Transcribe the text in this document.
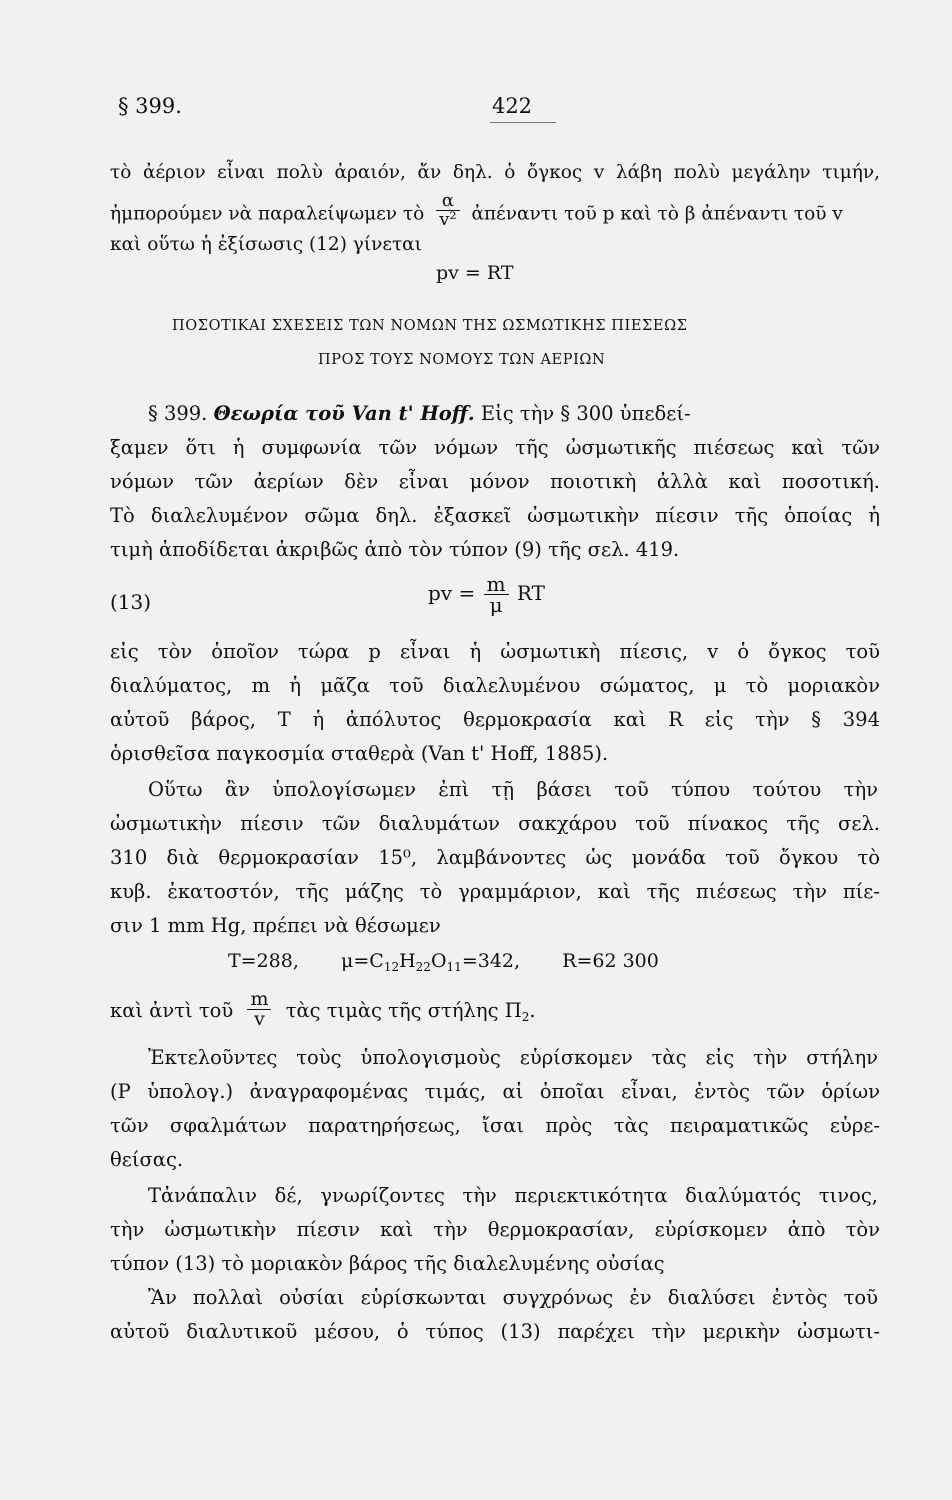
§ 399.	422
τὸ ἀέριον εἶναι πολὺ ἀραιόν, ἄν δηλ. ὁ ὄγκος v λάβη πολὺ μεγάλην τιμήν,
ἠμπορούμεν νὰ παραλείψωμεν τὸ $\frac{\alpha}{\text{v²}}$ ἀπέναντι τοῦ p καὶ τὸ β ἀπέναντι τοῦ v
καὶ οὕτω ἡ ἐξίσωσις (12) γίνεται
pv = RT
ΠΟΣΟΤΙΚΑΙ ΣΧΕΣΕΙΣ ΤΩΝ ΝΟΜΩΝ ΤΗΣ ΩΣΜΩΤΙΚΗΣ ΠΙΕΣΕΩΣ
ΠΡΟΣ ΤΟΥΣ ΝΟΜΟΥΣ ΤΩΝ ΑΕΡΙΩΝ
§ 399. Θεωρία τοῦ Van t' Hoff. Εἰς τὴν § 300 ὑπεδεί-
ξαμεν ὅτι ἡ συμφωνία τῶν νόμων τῆς ὠσμωτικῆς πιέσεως καὶ τῶν
νόμων τῶν ἀερίων δὲν εἶναι μόνον ποιοτικὴ ἀλλὰ καὶ ποσοτική.
Τὸ διαλελυμένον σῶμα δηλ. ἐξασκεῖ ὠσμωτικὴν πίεσιν τῆς ὁποίας ἡ
τιμὴ ἀποδίδεται ἀκριβῶς ἀπὸ τὸν τύπον (9) τῆς σελ. 419.
(13)	pv = $\frac{m}{\mu}$ RT
εἰς τὸν ὁποῖον τώρα p εἶναι ἡ ὠσμωτικὴ πίεσις, v ὁ ὄγκος τοῦ
διαλύματος, m ἡ μᾶζα τοῦ διαλελυμένου σώματος, μ τὸ μοριακὸν
αὐτοῦ βάρος, T ἡ ἀπόλυτος θερμοκρασία καὶ R εἰς τὴν § 394
ὁρισθεῖσα παγκοσμία σταθερὰ (Van t' Hoff, 1885).
Οὕτω ἂν ὑπολογίσωμεν ἐπὶ τῇ βάσει τοῦ τύπου τούτου τὴν
ὠσμωτικὴν πίεσιν τῶν διαλυμάτων σακχάρου τοῦ πίνακος τῆς σελ.
310 διὰ θερμοκρασίαν 15⁰, λαμβάνοντες ὡς μονάδα τοῦ ὄγκου τὸ
κυβ. ἑκατοστόν, τῆς μάζης τὸ γραμμάριον, καὶ τῆς πιέσεως τὴν πίε-
σιν 1 mm Hg, πρέπει νὰ θέσωμεν
T=288, $\mu=C_{12}H_{22}O_{11}=342$, R=62 300
καὶ ἀντὶ τοῦ $\frac{m}{v}$ τὰς τιμὰς τῆς στήλης $\Pi_2$.
Ἐκτελοῦντες τοὺς ὑπολογισμοὺς εὑρίσκομεν τὰς εἰς τὴν στήλην
(P ὑπολογ.) ἀναγραφομένας τιμάς, αἱ ὁποῖαι εἶναι, ἐντὸς τῶν ὁρίων
τῶν σφαλμάτων παρατηρήσεως, ἴσαι πρὸς τὰς πειραματικῶς εὑρε-
θείσας.
Τἀνάπαλιν δέ, γνωρίζοντες τὴν περιεκτικότητα διαλύματός τινος,
τὴν ὠσμωτικὴν πίεσιν καὶ τὴν θερμοκρασίαν, εὑρίσκομεν ἀπὸ τὸν
τύπον (13) τὸ μοριακὸν βάρος τῆς διαλελυμένης οὐσίας
Ἂν πολλαὶ οὐσίαι εὑρίσκωνται συγχρόνως ἐν διαλύσει ἐντὸς τοῦ
αὐτοῦ διαλυτικοῦ μέσου, ὁ τύπος (13) παρέχει τὴν μερικὴν ὠσμωτι-
